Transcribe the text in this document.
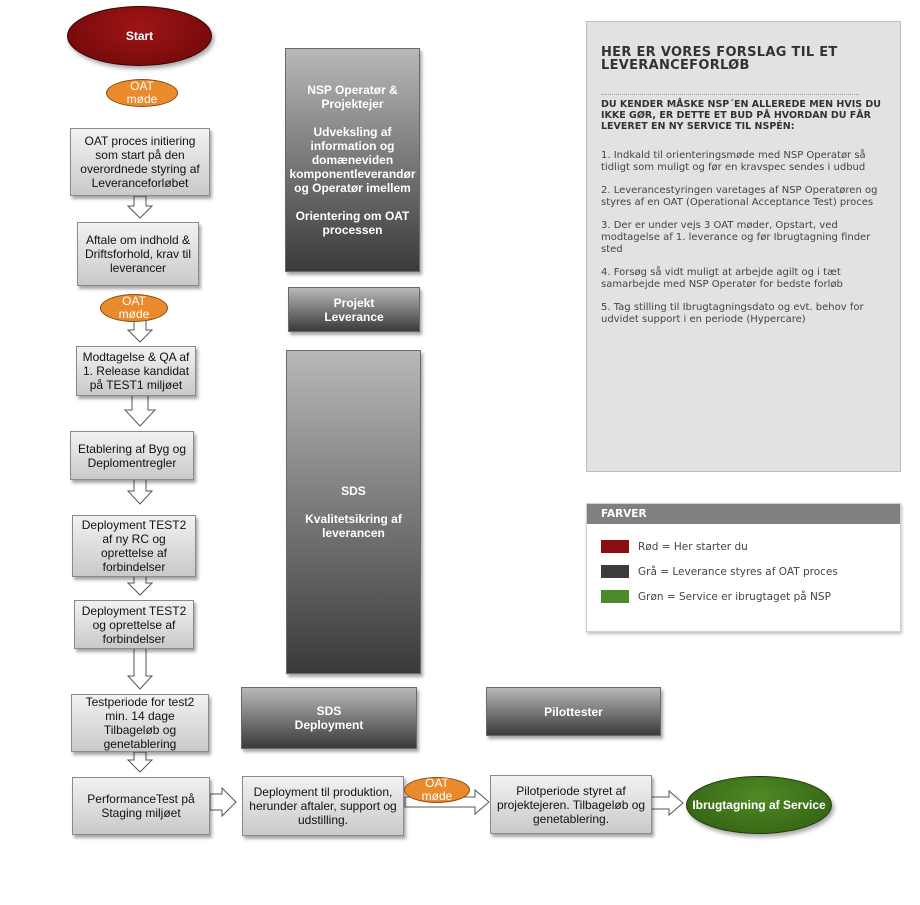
Start
OAT
møde
OAT
møde
OAT
møde
OAT proces initiering som start på den overordnede styring af Leveranceforløbet
Aftale om indhold & Driftsforhold, krav til leverancer
Modtagelse & QA af 1. Release kandidat på TEST1 miljøet
Etablering af Byg og Deplomentregler
Deployment TEST2 af ny RC og oprettelse af forbindelser
Deployment TEST2 og oprettelse af forbindelser
Testperiode for test2 min. 14 dage Tilbageløb og genetablering
PerformanceTest på Staging miljøet
Deployment til produktion, herunder aftaler, support og udstilling.
Pilotperiode styret af projektejeren. Tilbageløb og genetablering.
Ibrugtagning af Service
NSP Operatør &
Projektejer

Udveksling af
information og
domæneviden
komponentleverandør
og Operatør imellem

Orientering om OAT
processen
Projekt
Leverance
SDS

Kvalitetsikring af
leverancen
SDS
Deployment
Pilottester
HER ER VORES FORSLAG TIL ET LEVERANCEFORLØB
DU KENDER MÅSKE NSP´EN ALLEREDE MEN HVIS DU IKKE GØR, ER DETTE ET BUD PÅ HVORDAN DU FÅR LEVERET EN NY SERVICE TIL NSPÉN:

1. Indkald til orienteringsmøde med NSP Operatør så tidligt som muligt og før en kravspec sendes i udbud

2. Leverancestyringen varetages af NSP Operatøren og styres af en OAT (Operational Acceptance Test) proces

3. Der er under vejs 3 OAT møder, Opstart, ved modtagelse af 1. leverance og før Ibrugtagning finder sted

4. Forsøg så vidt muligt at arbejde agilt og i tæt samarbejde med NSP Operatør for bedste forløb

5. Tag stilling til Ibrugtagningsdato og evt. behov for udvidet support i en periode (Hypercare)

FARVER
Rød = Her starter du
Grå = Leverance styres af OAT proces
Grøn = Service er ibrugtaget på NSP
